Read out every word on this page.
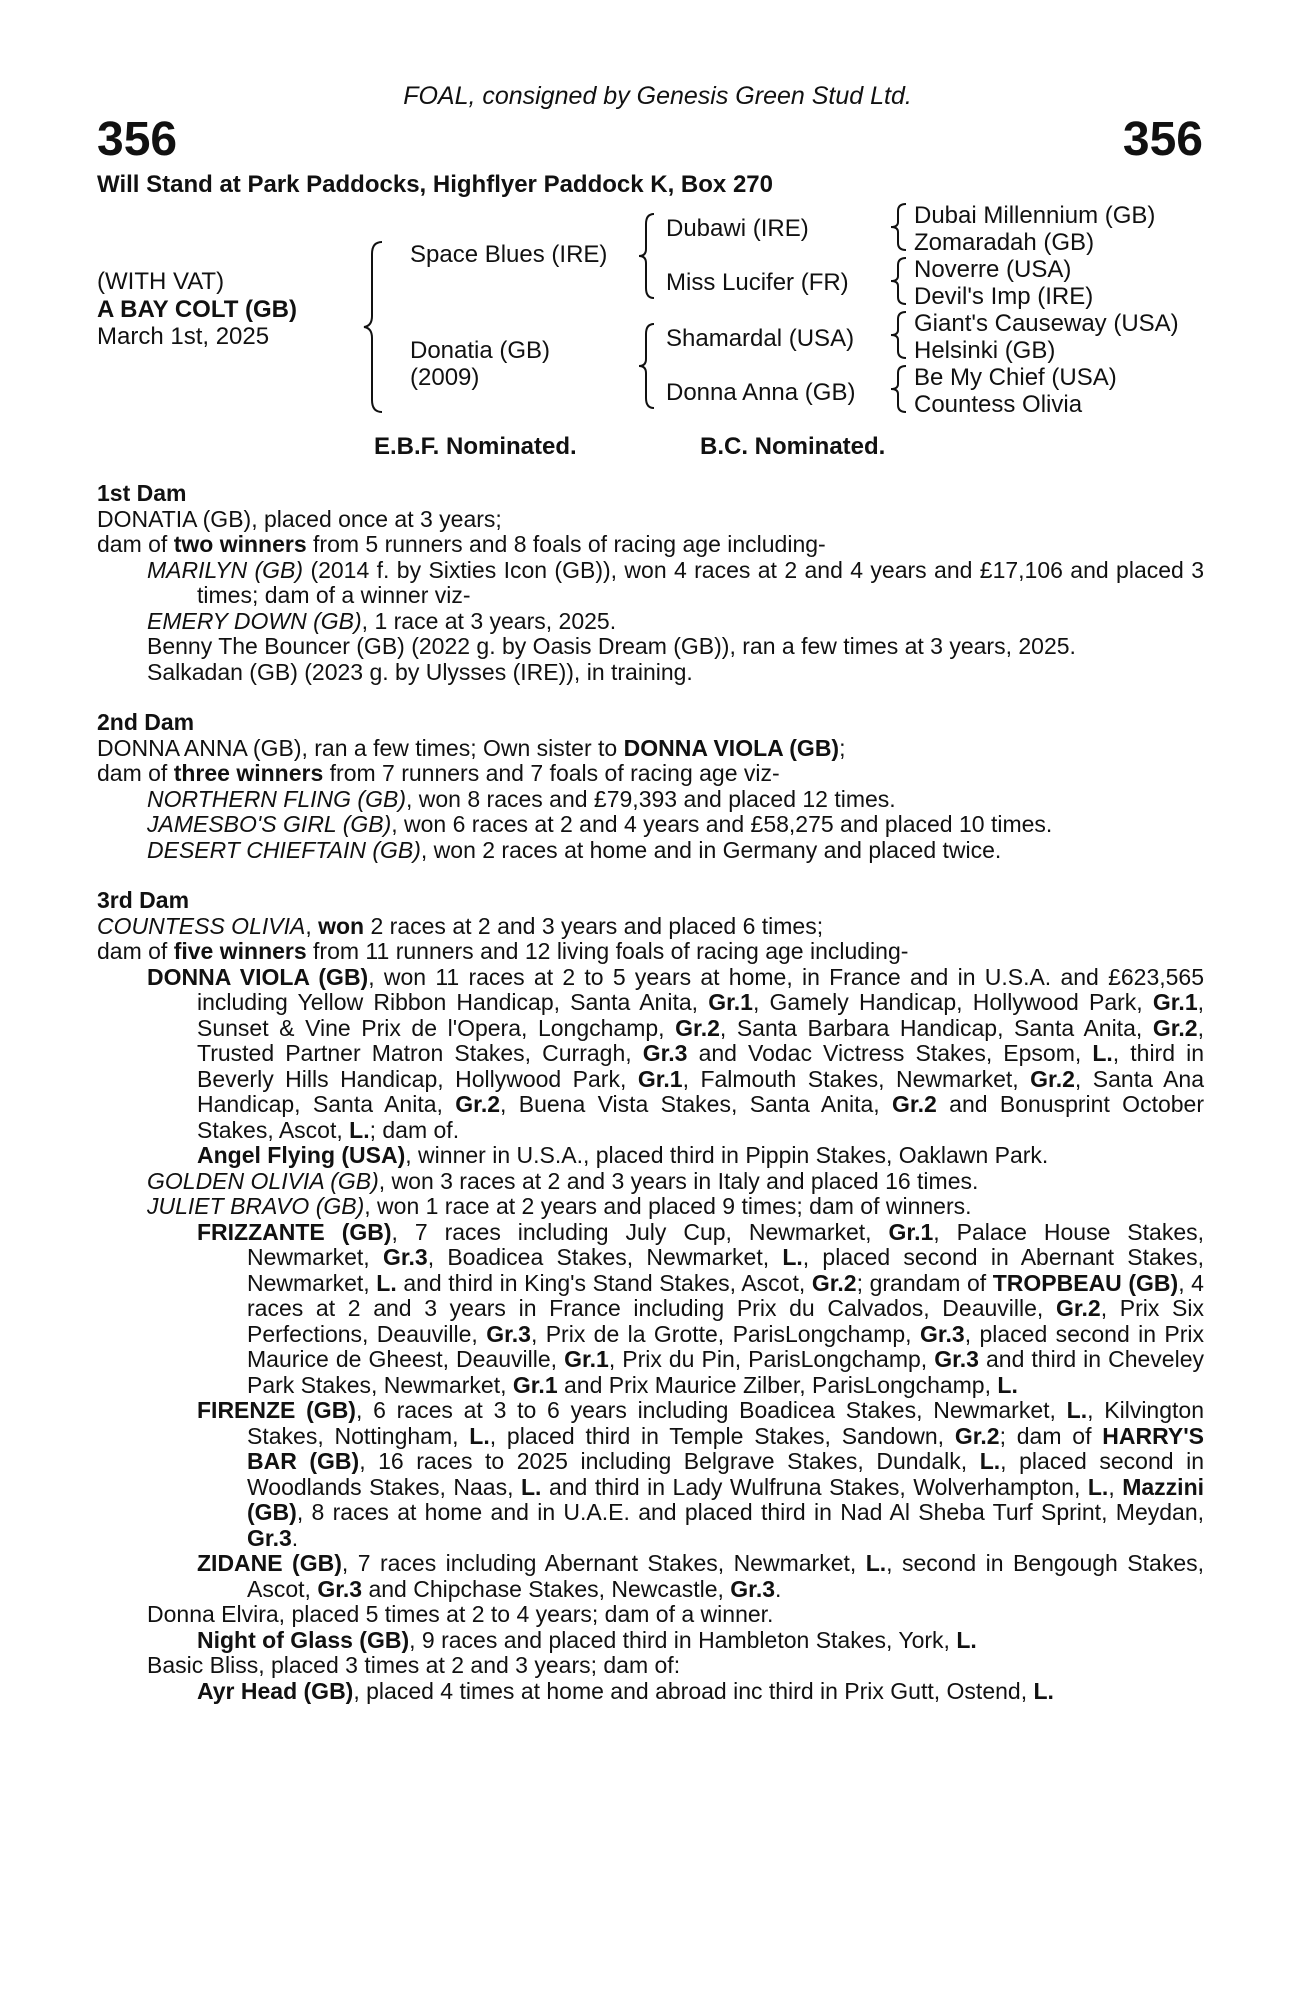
FOAL, consigned by Genesis Green Stud Ltd.
356	356
Will Stand at Park Paddocks, Highflyer Paddock K, Box 270
(WITH VAT)
A BAY COLT (GB)
March 1st, 2025
Space Blues (IRE)
Donatia (GB)
(2009)
Dubawi (IRE)
Miss Lucifer (FR)
Shamardal (USA)
Donna Anna (GB)
Dubai Millennium (GB)
Zomaradah (GB)
Noverre (USA)
Devil's Imp (IRE)
Giant's Causeway (USA)
Helsinki (GB)
Be My Chief (USA)
Countess Olivia
E.B.F. Nominated.	B.C. Nominated.

1st Dam

DONATIA (GB), placed once at 3 years;

dam of two winners from 5 runners and 8 foals of racing age including-

MARILYN (GB) (2014 f. by Sixties Icon (GB)), won 4 races at 2 and 4 years and £17,106 and placed 3 times; dam of a winner viz-

EMERY DOWN (GB), 1 race at 3 years, 2025.

Benny The Bouncer (GB) (2022 g. by Oasis Dream (GB)), ran a few times at 3 years, 2025.

Salkadan (GB) (2023 g. by Ulysses (IRE)), in training.

2nd Dam

DONNA ANNA (GB), ran a few times; Own sister to DONNA VIOLA (GB);

dam of three winners from 7 runners and 7 foals of racing age viz-

NORTHERN FLING (GB), won 8 races and £79,393 and placed 12 times.

JAMESBO'S GIRL (GB), won 6 races at 2 and 4 years and £58,275 and placed 10 times.

DESERT CHIEFTAIN (GB), won 2 races at home and in Germany and placed twice.

3rd Dam

COUNTESS OLIVIA, won 2 races at 2 and 3 years and placed 6 times;

dam of five winners from 11 runners and 12 living foals of racing age including-

DONNA VIOLA (GB), won 11 races at 2 to 5 years at home, in France and in U.S.A. and £623,565 including Yellow Ribbon Handicap, Santa Anita, Gr.1, Gamely Handicap, Hollywood Park, Gr.1, Sunset & Vine Prix de l'Opera, Longchamp, Gr.2, Santa Barbara Handicap, Santa Anita, Gr.2, Trusted Partner Matron Stakes, Curragh, Gr.3 and Vodac Victress Stakes, Epsom, L., third in Beverly Hills Handicap, Hollywood Park, Gr.1, Falmouth Stakes, Newmarket, Gr.2, Santa Ana Handicap, Santa Anita, Gr.2, Buena Vista Stakes, Santa Anita, Gr.2 and Bonusprint October Stakes, Ascot, L.; dam of.

Angel Flying (USA), winner in U.S.A., placed third in Pippin Stakes, Oaklawn Park.

GOLDEN OLIVIA (GB), won 3 races at 2 and 3 years in Italy and placed 16 times.

JULIET BRAVO (GB), won 1 race at 2 years and placed 9 times; dam of winners.

FRIZZANTE (GB), 7 races including July Cup, Newmarket, Gr.1, Palace House Stakes, Newmarket, Gr.3, Boadicea Stakes, Newmarket, L., placed second in Abernant Stakes, Newmarket, L. and third in King's Stand Stakes, Ascot, Gr.2; grandam of TROPBEAU (GB), 4 races at 2 and 3 years in France including Prix du Calvados, Deauville, Gr.2, Prix Six Perfections, Deauville, Gr.3, Prix de la Grotte, ParisLongchamp, Gr.3, placed second in Prix Maurice de Gheest, Deauville, Gr.1, Prix du Pin, ParisLongchamp, Gr.3 and third in Cheveley Park Stakes, Newmarket, Gr.1 and Prix Maurice Zilber, ParisLongchamp, L.

FIRENZE (GB), 6 races at 3 to 6 years including Boadicea Stakes, Newmarket, L., Kilvington Stakes, Nottingham, L., placed third in Temple Stakes, Sandown, Gr.2; dam of HARRY'S BAR (GB), 16 races to 2025 including Belgrave Stakes, Dundalk, L., placed second in Woodlands Stakes, Naas, L. and third in Lady Wulfruna Stakes, Wolverhampton, L., Mazzini (GB), 8 races at home and in U.A.E. and placed third in Nad Al Sheba Turf Sprint, Meydan, Gr.3.

ZIDANE (GB), 7 races including Abernant Stakes, Newmarket, L., second in Bengough Stakes, Ascot, Gr.3 and Chipchase Stakes, Newcastle, Gr.3.

Donna Elvira, placed 5 times at 2 to 4 years; dam of a winner.

Night of Glass (GB), 9 races and placed third in Hambleton Stakes, York, L.

Basic Bliss, placed 3 times at 2 and 3 years; dam of:

Ayr Head (GB), placed 4 times at home and abroad inc third in Prix Gutt, Ostend, L.
